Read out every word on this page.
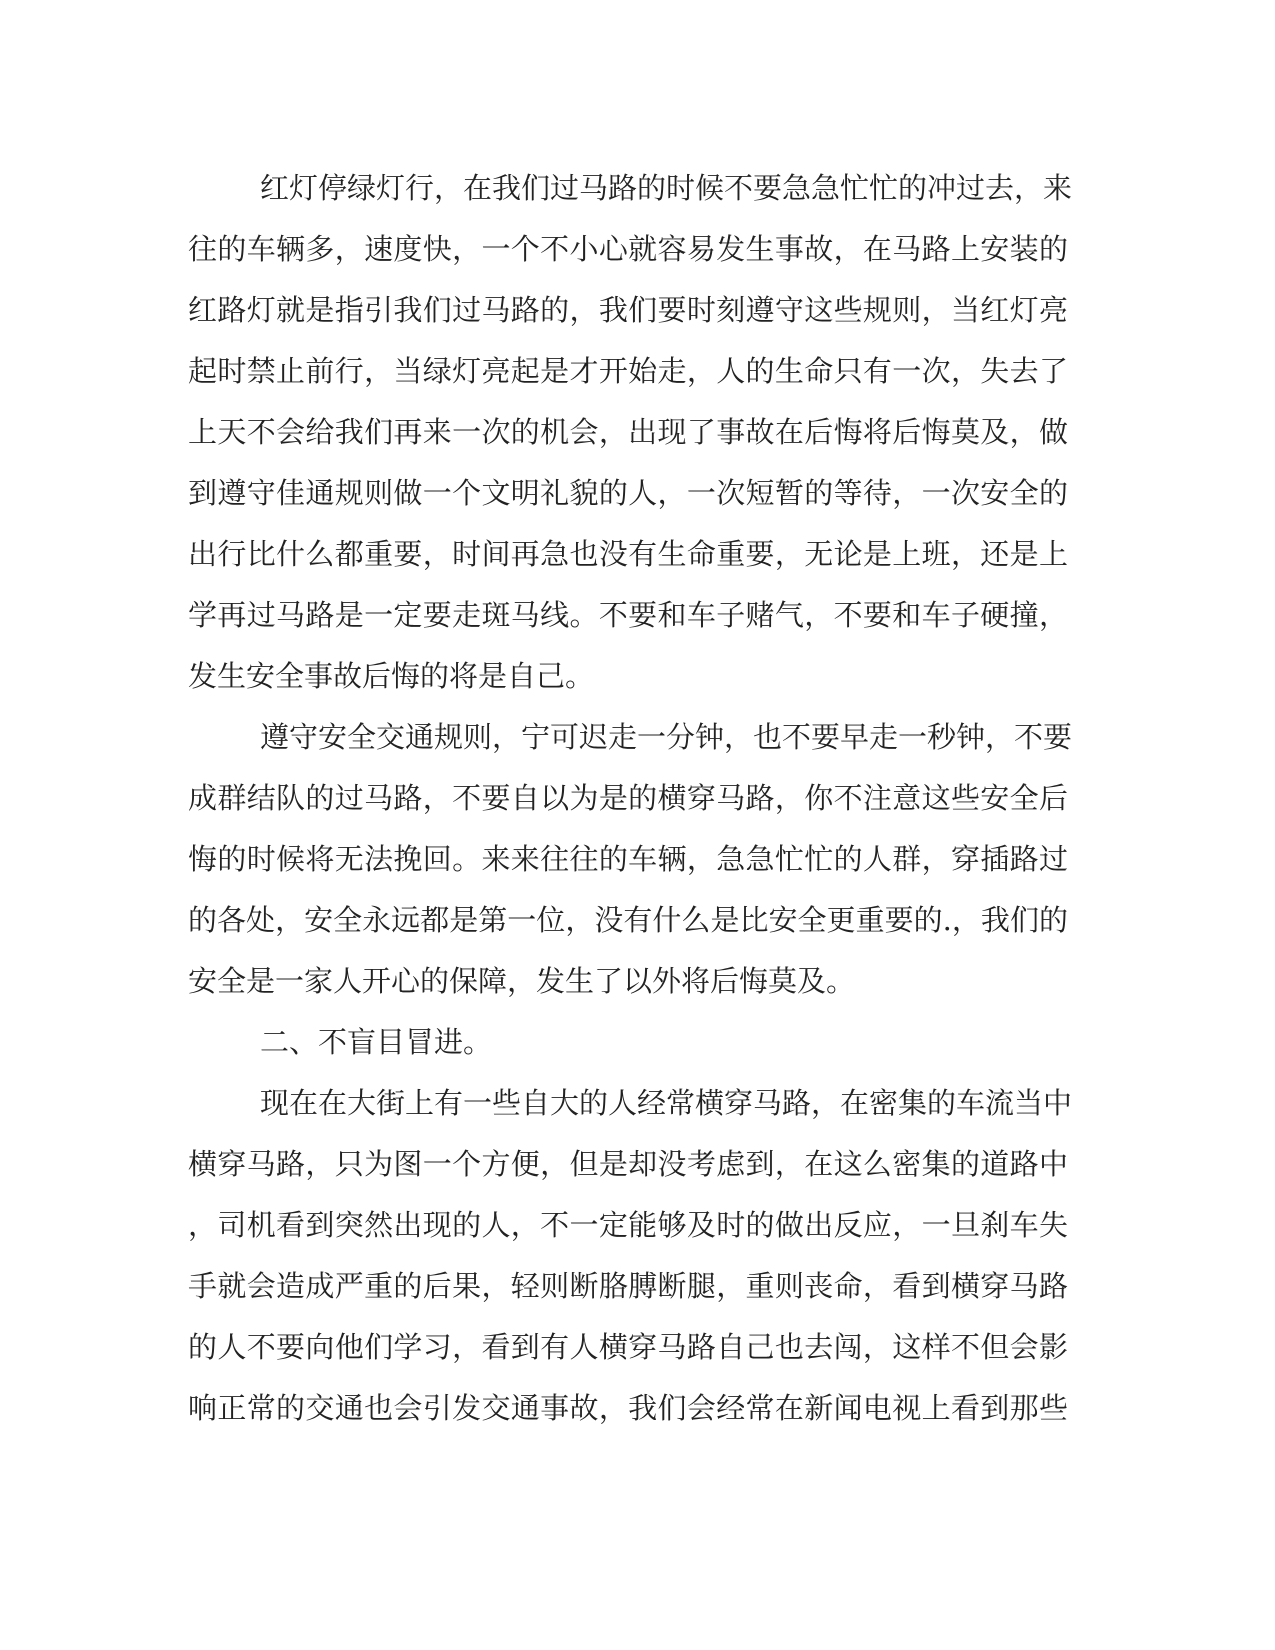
红灯停绿灯行，在我们过马路的时候不要急急忙忙的冲过去，来
往的车辆多，速度快，一个不小心就容易发生事故，在马路上安装的
红路灯就是指引我们过马路的，我们要时刻遵守这些规则，当红灯亮
起时禁止前行，当绿灯亮起是才开始走，人的生命只有一次，失去了
上天不会给我们再来一次的机会，出现了事故在后悔将后悔莫及，做
到遵守佳通规则做一个文明礼貌的人，一次短暂的等待，一次安全的
出行比什么都重要，时间再急也没有生命重要，无论是上班，还是上
学再过马路是一定要走斑马线。不要和车子赌气，不要和车子硬撞，
发生安全事故后悔的将是自己。
遵守安全交通规则，宁可迟走一分钟，也不要早走一秒钟，不要
成群结队的过马路，不要自以为是的横穿马路，你不注意这些安全后
悔的时候将无法挽回。来来往往的车辆，急急忙忙的人群，穿插路过
的各处，安全永远都是第一位，没有什么是比安全更重要的.，我们的
安全是一家人开心的保障，发生了以外将后悔莫及。
二、不盲目冒进。
现在在大街上有一些自大的人经常横穿马路，在密集的车流当中
横穿马路，只为图一个方便，但是却没考虑到，在这么密集的道路中
，司机看到突然出现的人，不一定能够及时的做出反应，一旦刹车失
手就会造成严重的后果，轻则断胳膊断腿，重则丧命，看到横穿马路
的人不要向他们学习，看到有人横穿马路自己也去闯，这样不但会影
响正常的交通也会引发交通事故，我们会经常在新闻电视上看到那些
